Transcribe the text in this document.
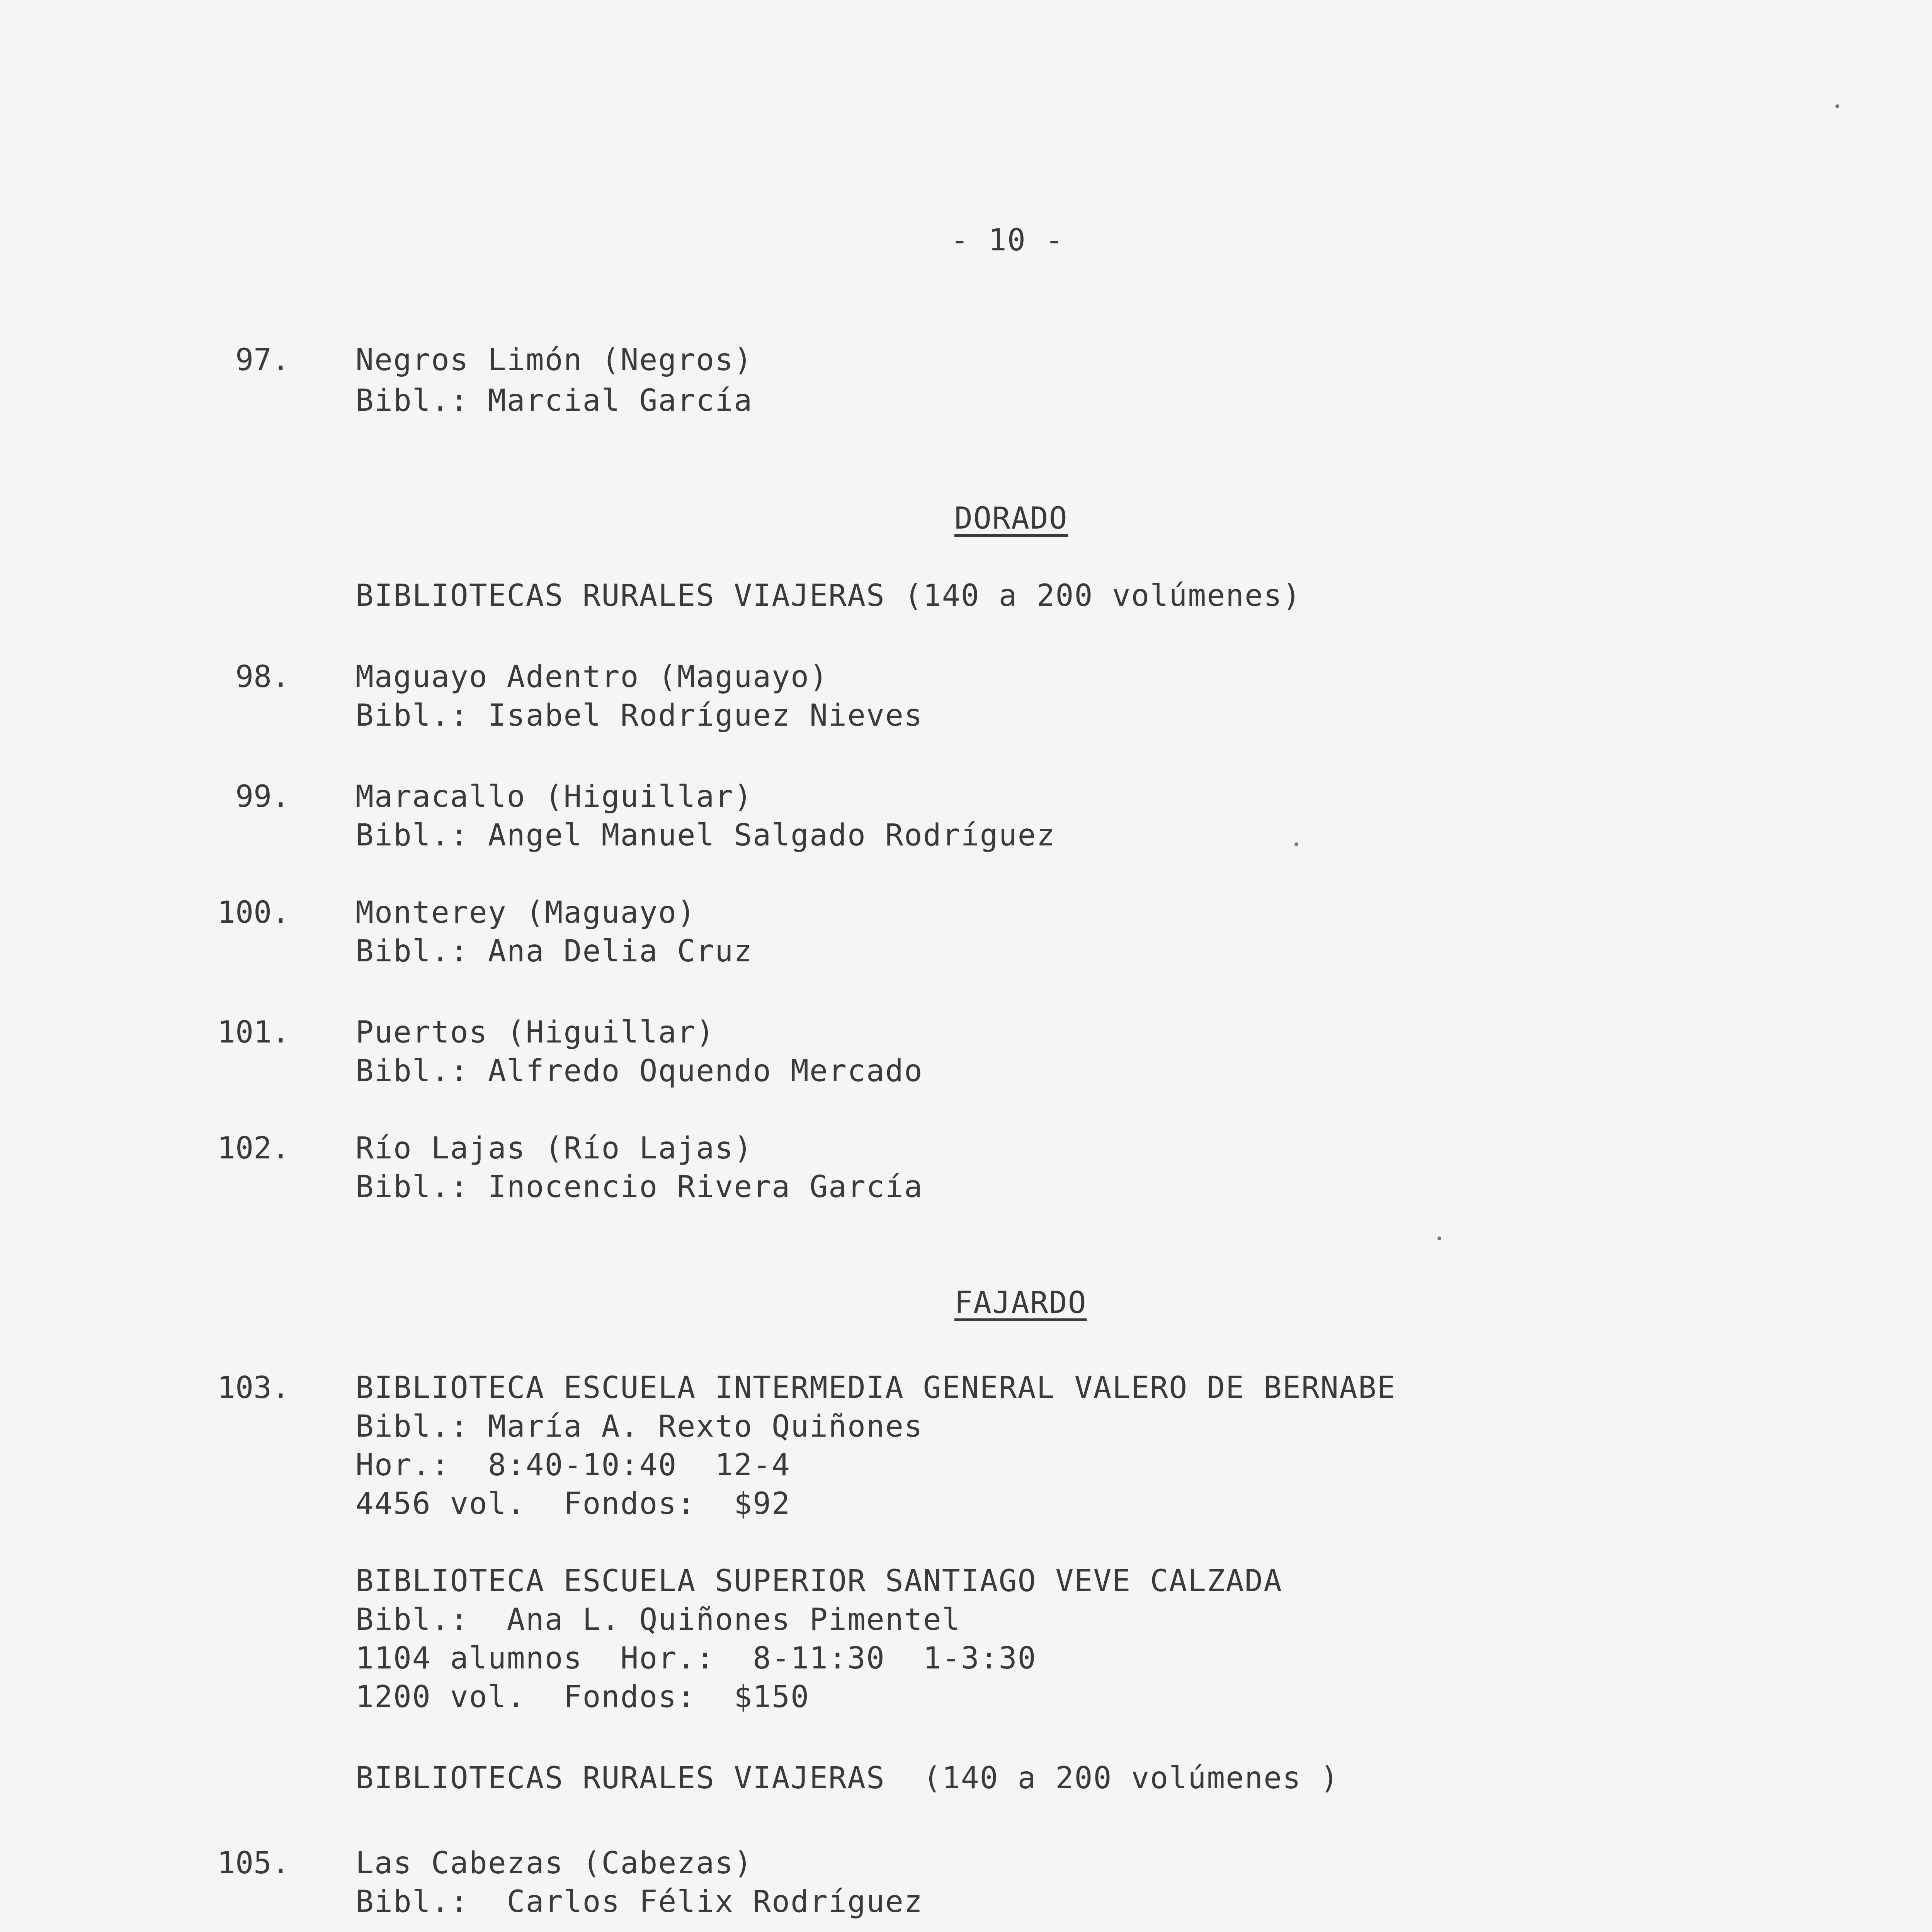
- 10 -
97. Negros Limón (Negros)
Bibl.: Marcial García
DORADO
BIBLIOTECAS RURALES VIAJERAS (140 a 200 volúmenes)
98. Maguayo Adentro (Maguayo)
Bibl.: Isabel Rodríguez Nieves
99. Maracallo (Higuillar)
Bibl.: Angel Manuel Salgado Rodríguez
100. Monterey (Maguayo)
Bibl.: Ana Delia Cruz
101. Puertos (Higuillar)
Bibl.: Alfredo Oquendo Mercado
102. Río Lajas (Río Lajas)
Bibl.: Inocencio Rivera García
FAJARDO
103. BIBLIOTECA ESCUELA INTERMEDIA GENERAL VALERO DE BERNABE
Bibl.: María A. Rexto Quiñones
Hor.:  8:40-10:40  12-4
4456 vol.  Fondos:  $92
BIBLIOTECA ESCUELA SUPERIOR SANTIAGO VEVE CALZADA
Bibl.:  Ana L. Quiñones Pimentel
1104 alumnos  Hor.:  8-11:30  1-3:30
1200 vol.  Fondos:  $150
BIBLIOTECAS RURALES VIAJERAS  (140 a 200 volúmenes )
105. Las Cabezas (Cabezas)
Bibl.:  Carlos Félix Rodríguez
